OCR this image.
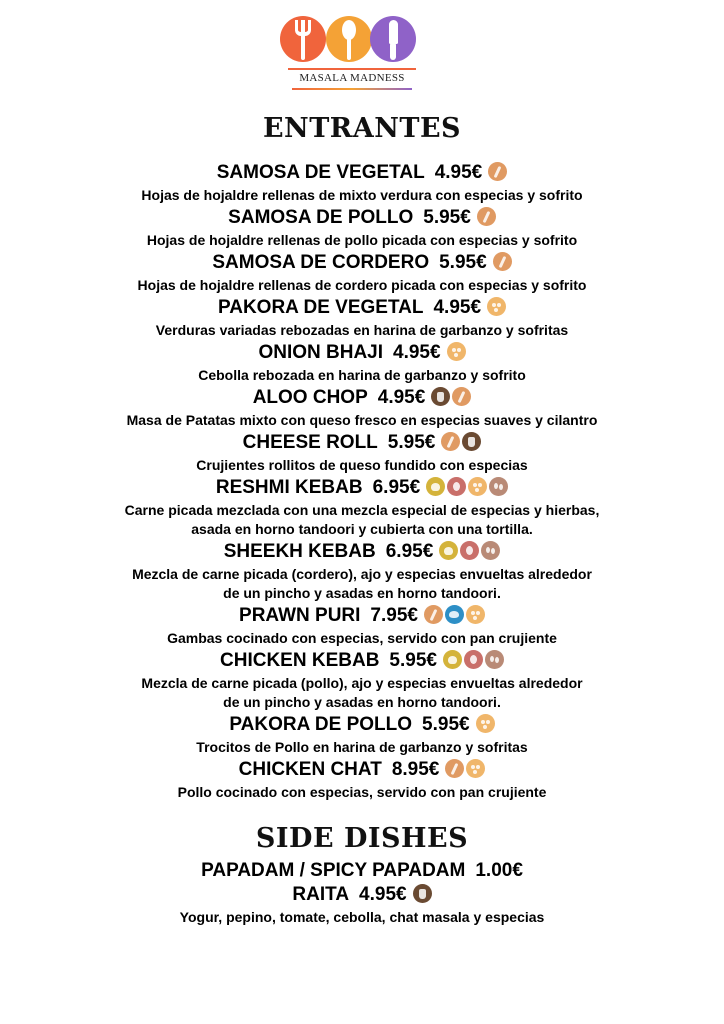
MASALA MADNESS
ENTRANTES
SAMOSA DE VEGETAL 4.95€
Hojas de hojaldre rellenas de mixto verdura con especias y sofrito
SAMOSA DE POLLO 5.95€
Hojas de hojaldre rellenas de pollo picada con especias y sofrito
SAMOSA DE CORDERO 5.95€
Hojas de hojaldre rellenas de cordero picada con especias y sofrito
PAKORA DE VEGETAL 4.95€
Verduras variadas rebozadas en harina de garbanzo y sofritas
ONION BHAJI 4.95€
Cebolla rebozada en harina de garbanzo y sofrito
ALOO CHOP 4.95€
Masa de Patatas mixto con queso fresco en especias suaves y cilantro
CHEESE ROLL 5.95€
Crujientes rollitos de queso fundido con especias
RESHMI KEBAB 6.95€
Carne picada mezclada con una mezcla especial de especias y hierbas,
asada en horno tandoori y cubierta con una tortilla.
SHEEKH KEBAB 6.95€
Mezcla de carne picada (cordero), ajo y especias envueltas alrededor
de un pincho y asadas en horno tandoori.
PRAWN PURI 7.95€
Gambas cocinado con especias, servido con pan crujiente
CHICKEN KEBAB 5.95€
Mezcla de carne picada (pollo), ajo y especias envueltas alrededor
de un pincho y asadas en horno tandoori.
PAKORA DE POLLO 5.95€
Trocitos de Pollo en harina de garbanzo y sofritas
CHICKEN CHAT 8.95€
Pollo cocinado con especias, servido con pan crujiente
SIDE DISHES
PAPADAM / SPICY PAPADAM 1.00€
RAITA 4.95€
Yogur, pepino, tomate, cebolla, chat masala y especias
